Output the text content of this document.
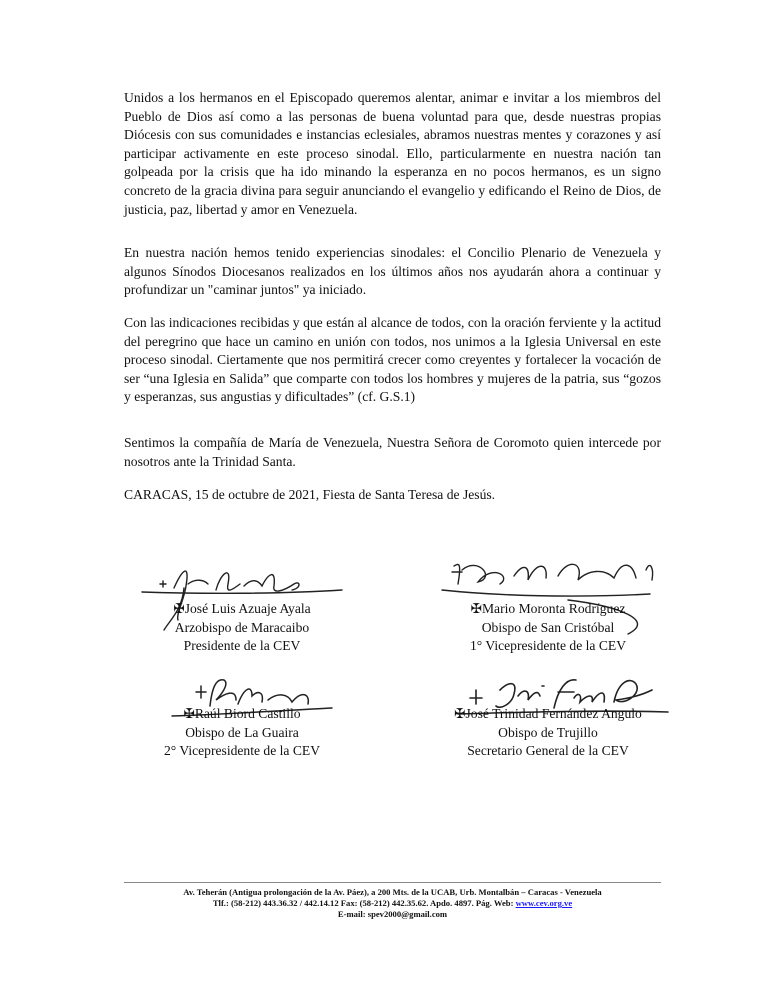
Unidos a los hermanos en el Episcopado queremos alentar, animar e invitar a los miembros del Pueblo de Dios así como a las personas de buena voluntad para que, desde nuestras propias Diócesis con sus comunidades e instancias eclesiales, abramos nuestras mentes y corazones y así participar activamente en este proceso sinodal. Ello, particularmente en nuestra nación tan golpeada por la crisis que ha ido minando la esperanza en no pocos hermanos, es un signo concreto de la gracia divina para seguir anunciando el evangelio y edificando el Reino de Dios, de justicia, paz, libertad y amor en Venezuela.

En nuestra nación hemos tenido experiencias sinodales: el Concilio Plenario de Venezuela y algunos Sínodos Diocesanos realizados en los últimos años nos ayudarán ahora a continuar y profundizar un "caminar juntos" ya iniciado.

Con las indicaciones recibidas y que están al alcance de todos, con la oración ferviente y la actitud del peregrino que hace un camino en unión con todos, nos unimos a la Iglesia Universal en este proceso sinodal. Ciertamente que nos permitirá crecer como creyentes y fortalecer la vocación de ser “una Iglesia en Salida” que comparte con todos los hombres y mujeres de la patria, sus “gozos y esperanzas, sus angustias y dificultades” (cf. G.S.1)

Sentimos la compañía de María de Venezuela, Nuestra Señora de Coromoto quien intercede por nosotros ante la Trinidad Santa.

CARACAS, 15 de octubre de 2021, Fiesta de Santa Teresa de Jesús.

✠José Luis Azuaje Ayala
Arzobispo de Maracaibo
Presidente de la CEV
✠Mario Moronta Rodríguez
Obispo de San Cristóbal
1° Vicepresidente de la CEV
✠Raúl Biord Castillo
Obispo de La Guaira
2° Vicepresidente de la CEV
✠José Trinidad Fernández Angulo
Obispo de Trujillo
Secretario General de la CEV
Av. Teherán (Antigua prolongación de la Av. Páez), a 200 Mts. de la UCAB, Urb. Montalbán – Caracas - Venezuela
Tlf.: (58-212) 443.36.32 / 442.14.12 Fax: (58-212) 442.35.62. Apdo. 4897. Pág. Web: www.cev.org.ve
E-mail: spev2000@gmail.com
